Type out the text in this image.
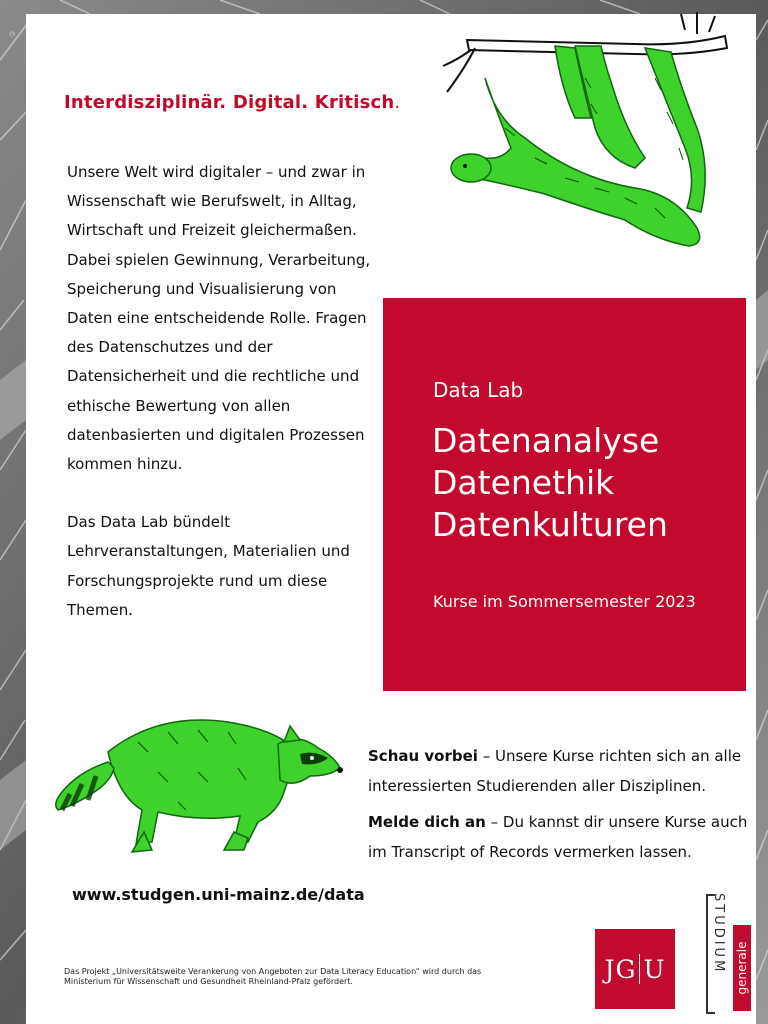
©
Interdisziplinär. Digital. Kritisch.

Unsere Welt wird digitaler – und zwar in Wissenschaft wie Berufswelt, in Alltag, Wirtschaft und Freizeit gleichermaßen. Dabei spielen Gewinnung, Verarbeitung, Speicherung und Visualisierung von Daten eine entscheidende Rolle. Fragen des Datenschutzes und der Datensicherheit und die rechtliche und ethische Bewertung von allen datenbasierten und digitalen Prozessen kommen hinzu.

Das Data Lab bündelt Lehrveranstaltungen, Materialien und Forschungsprojekte rund um diese Themen.

Data Lab
Datenanalyse
Datenethik
Datenkulturen
Kurse im Sommersemester 2023

Schau vorbei – Unsere Kurse richten sich an alle interessierten Studierenden aller Disziplinen.

Melde dich an – Du kannst dir unsere Kurse auch im Transcript of Records vermerken lassen.

www.studgen.uni-mainz.de/data
Das Projekt „Universitätsweite Verankerung von Angeboten zur Data Literacy Education“ wird durch das Ministerium für Wissenschaft und Gesundheit Rheinland-Pfalz gefördert.	JG U	STUDIUM generale
